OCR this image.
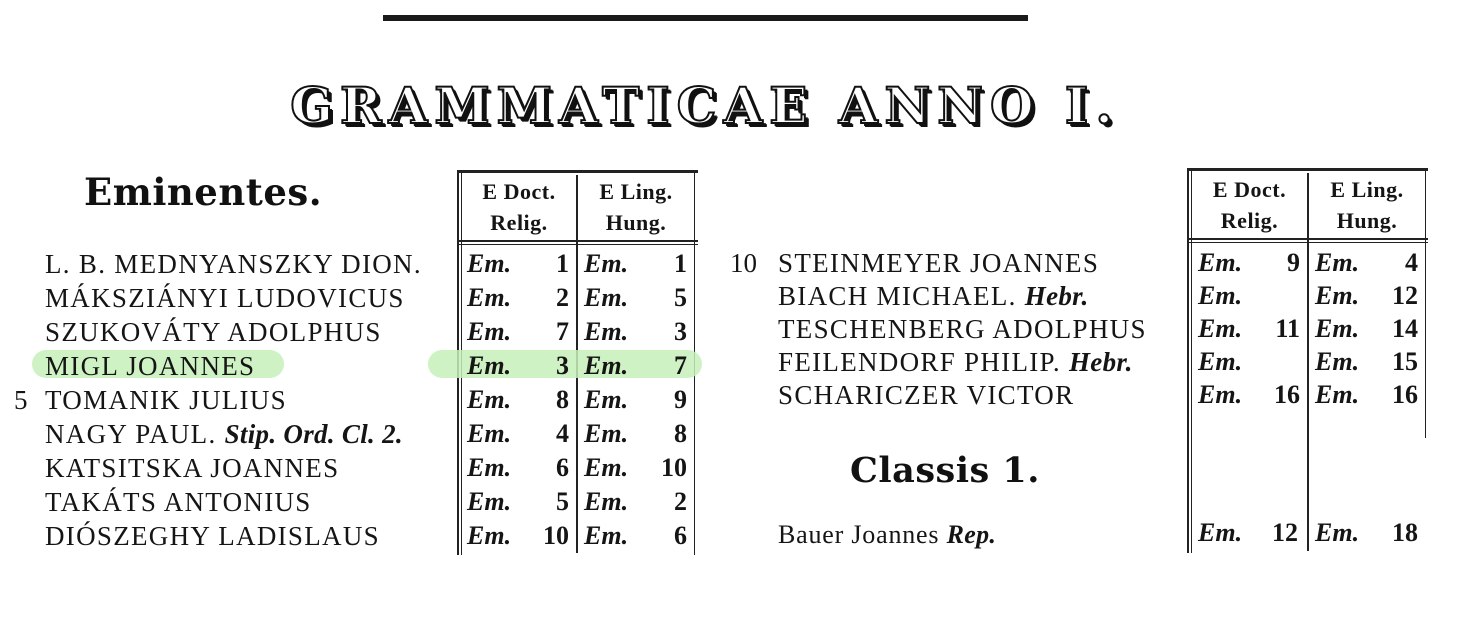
GRAMMATICAE ANNO I.
Eminentes.	E Doct.
Relig.
E Ling.
Hung.
L. B. MEDNYANSZKY DION. Em. 1 Em. 1
MÁKSZIÁNYI LUDOVICUS Em. 2 Em. 5
SZUKOVÁTY ADOLPHUS	Em. 7 Em. 3
MIGL JOANNES	Em. 3 Em. 7
5 TOMANIK JULIUS	Em. 8 Em. 9
NAGY PAUL. Stip. Ord. Cl. 2. Em. 4 Em. 8
KATSITSKA JOANNES	Em. 6 Em. 10
TAKÁTS ANTONIUS	Em. 5 Em. 2
DIÓSZEGHY LADISLAUS	Em. 10 Em. 6
E Doct.
Relig.
E Ling.
Hung.
10 STEINMEYER JOANNES	Em. 9 Em. 4
BIACH MICHAEL. Hebr.	Em.	Em. 12
TESCHENBERG ADOLPHUS Em. 11 Em. 14
FEILENDORF PHILIP. Hebr.	Em.	Em. 15
SCHARICZER VICTOR	Em. 16 Em. 16
Classis 1.
Bauer Joannes Rep.	Em. 12 Em. 18
